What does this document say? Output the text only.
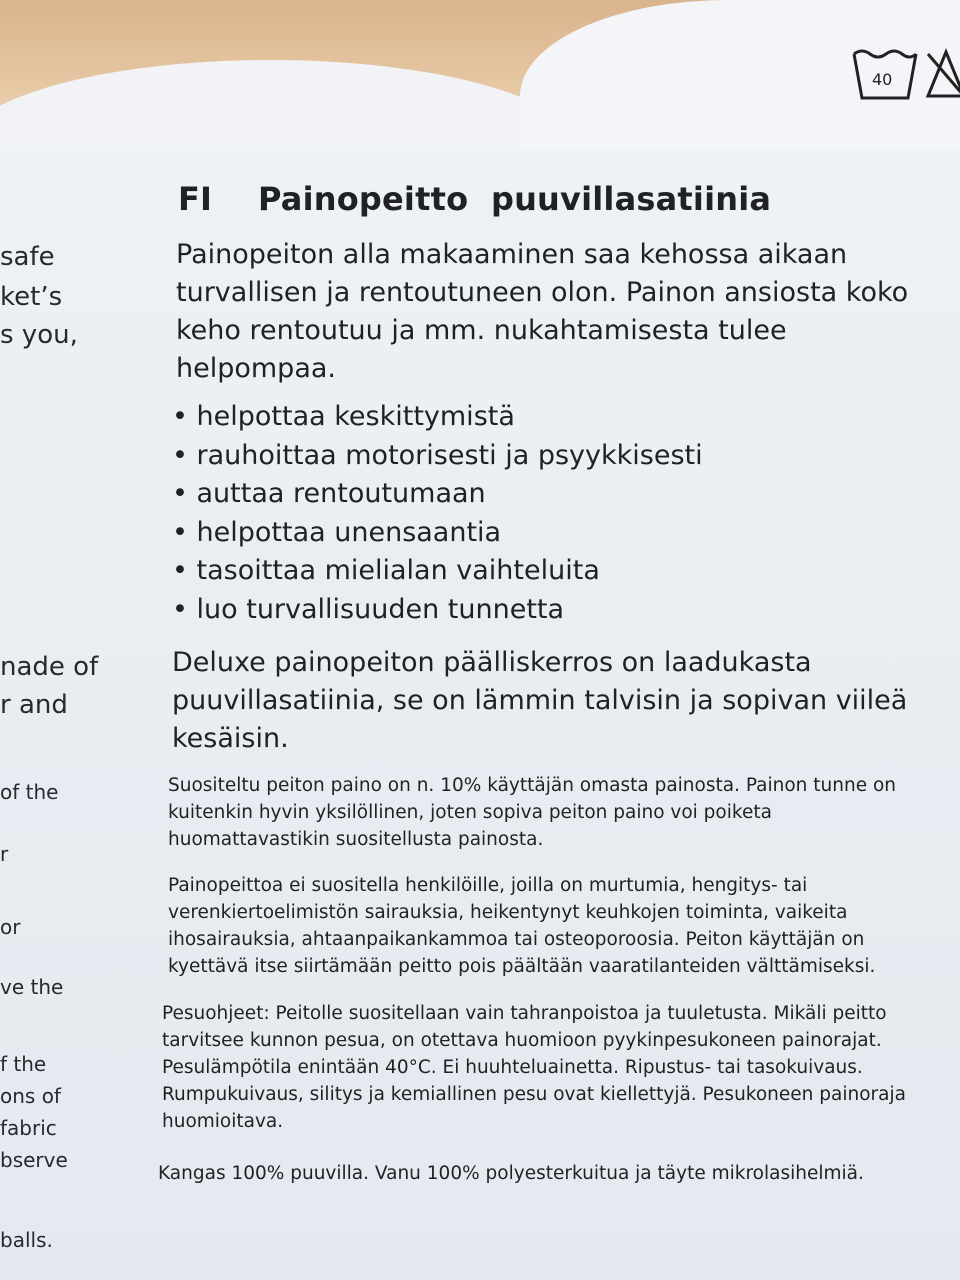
40
safe
ket’s
s you,
nade of
r and
of the
r
or
ve the
f the
ons of
fabric
bserve
balls.
FI Painopeitto  puuvillasatiinia
Painopeiton alla makaaminen saa kehossa aikaan turvallisen ja rentoutuneen olon. Painon ansiosta koko keho rentoutuu ja mm. nukahtamisesta tulee helpompaa.
• helpottaa keskittymistä
• rauhoittaa motorisesti ja psyykkisesti
• auttaa rentoutumaan
• helpottaa unensaantia
• tasoittaa mielialan vaihteluita
• luo turvallisuuden tunnetta
Deluxe painopeiton päälliskerros on laadukasta puuvillasatiinia, se on lämmin talvisin ja sopivan viileä kesäisin.
Suositeltu peiton paino on n. 10% käyttäjän omasta painosta. Painon tunne on kuitenkin hyvin yksilöllinen, joten sopiva peiton paino voi poiketa huomattavastikin suositellusta painosta.
Painopeittoa ei suositella henkilöille, joilla on murtumia, hengitys- tai verenkiertoelimistön sairauksia, heikentynyt keuhkojen toiminta, vaikeita ihosairauksia, ahtaanpaikankammoa tai osteoporoosia. Peiton käyttäjän on kyettävä itse siirtämään peitto pois päältään vaaratilanteiden välttämiseksi.
Pesuohjeet: Peitolle suositellaan vain tahranpoistoa ja tuuletusta. Mikäli peitto tarvitsee kunnon pesua, on otettava huomioon pyykinpesukoneen painorajat. Pesulämpötila enintään 40°C. Ei huuhteluainetta. Ripustus- tai tasokuivaus. Rumpukuivaus, silitys ja kemiallinen pesu ovat kiellettyjä. Pesukoneen painoraja huomioitava.
Kangas 100% puuvilla. Vanu 100% polyesterkuitua ja täyte mikrolasihelmiä.
